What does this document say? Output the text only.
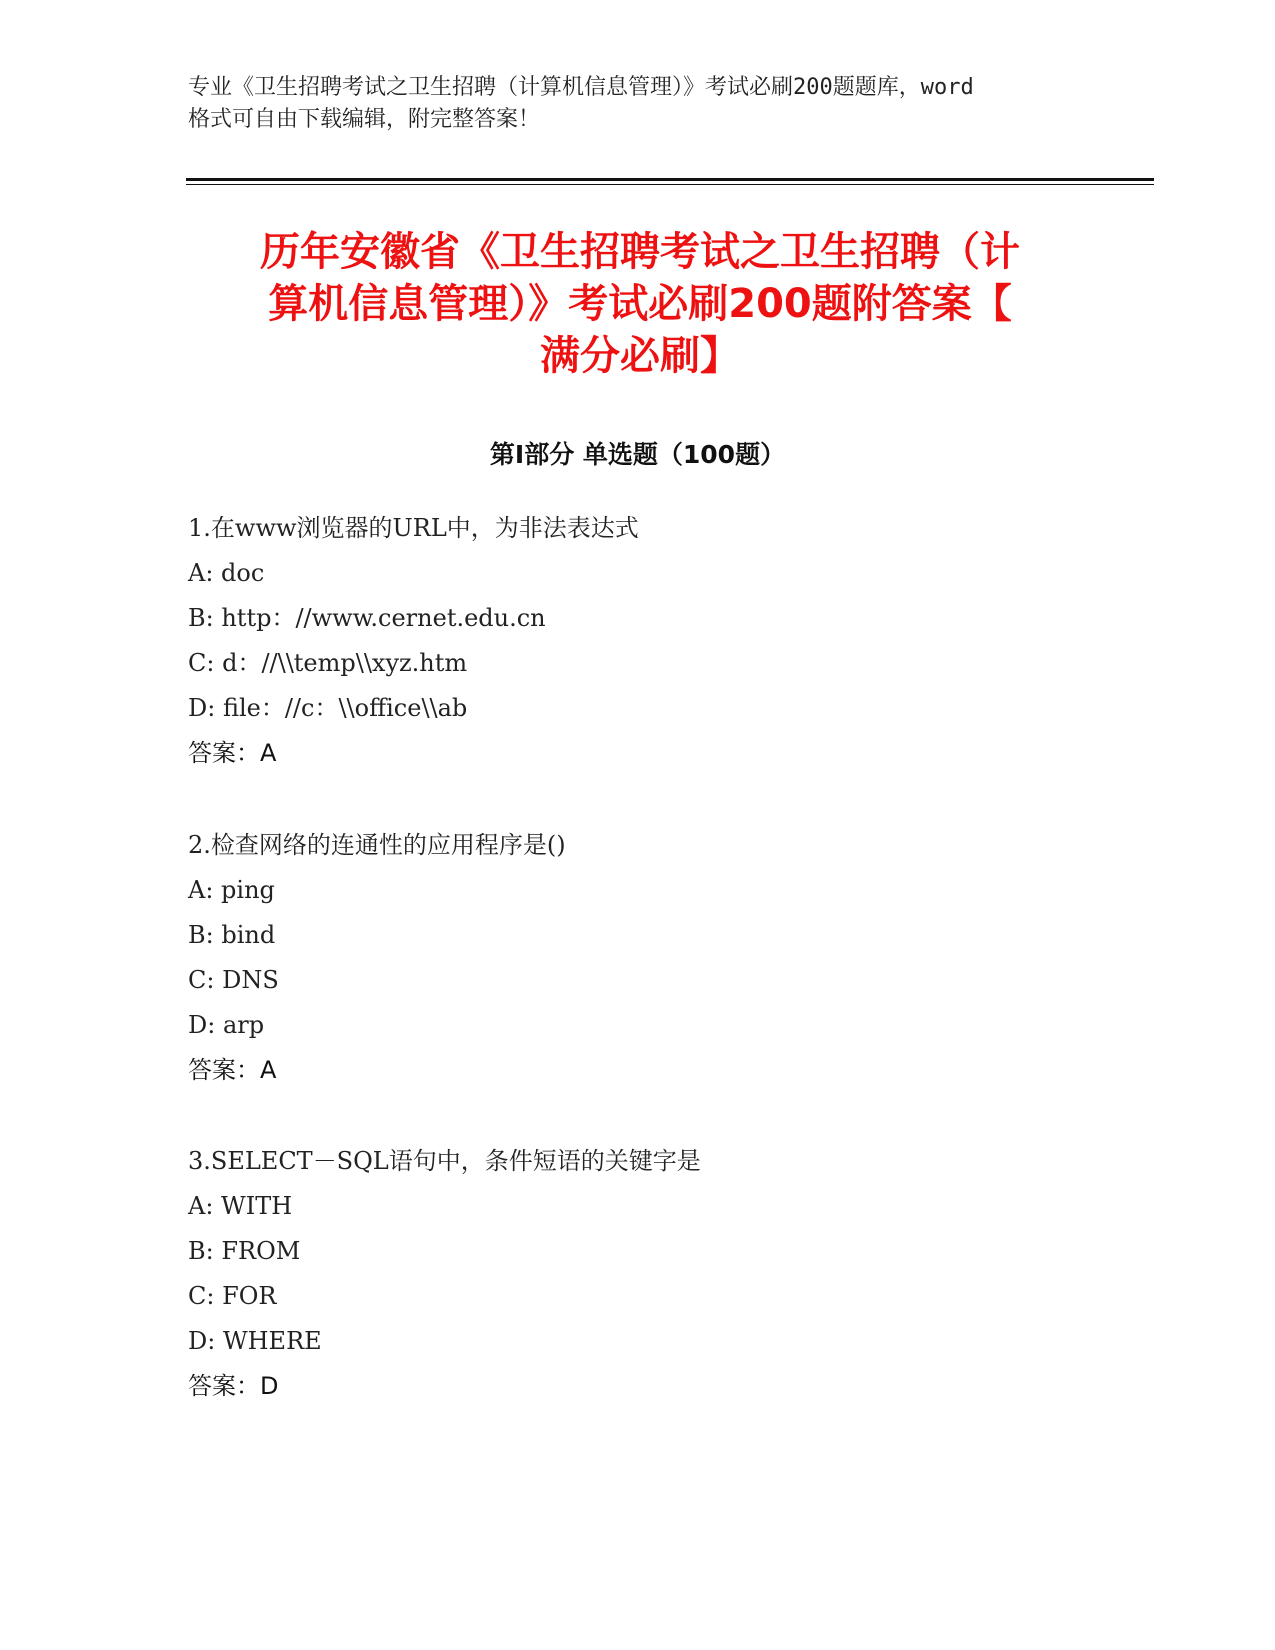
专业《卫生招聘考试之卫生招聘（计算机信息管理）》考试必刷200题题库，word
格式可自由下载编辑，附完整答案！
历年安徽省《卫生招聘考试之卫生招聘（计
算机信息管理）》考试必刷200题附答案【
满分必刷】
第Ⅰ部分 单选题（100题）
1.在www浏览器的URL中，为非法表达式
A: doc
B: http：//www.cernet.edu.cn
C: d：//\\temp\\xyz.htm
D: file：//c：\\office\\ab
答案：A
2.检查网络的连通性的应用程序是()
A: ping
B: bind
C: DNS
D: arp
答案：A
3.SELECT－SQL语句中，条件短语的关键字是
A: WITH
B: FROM
C: FOR
D: WHERE
答案：D
